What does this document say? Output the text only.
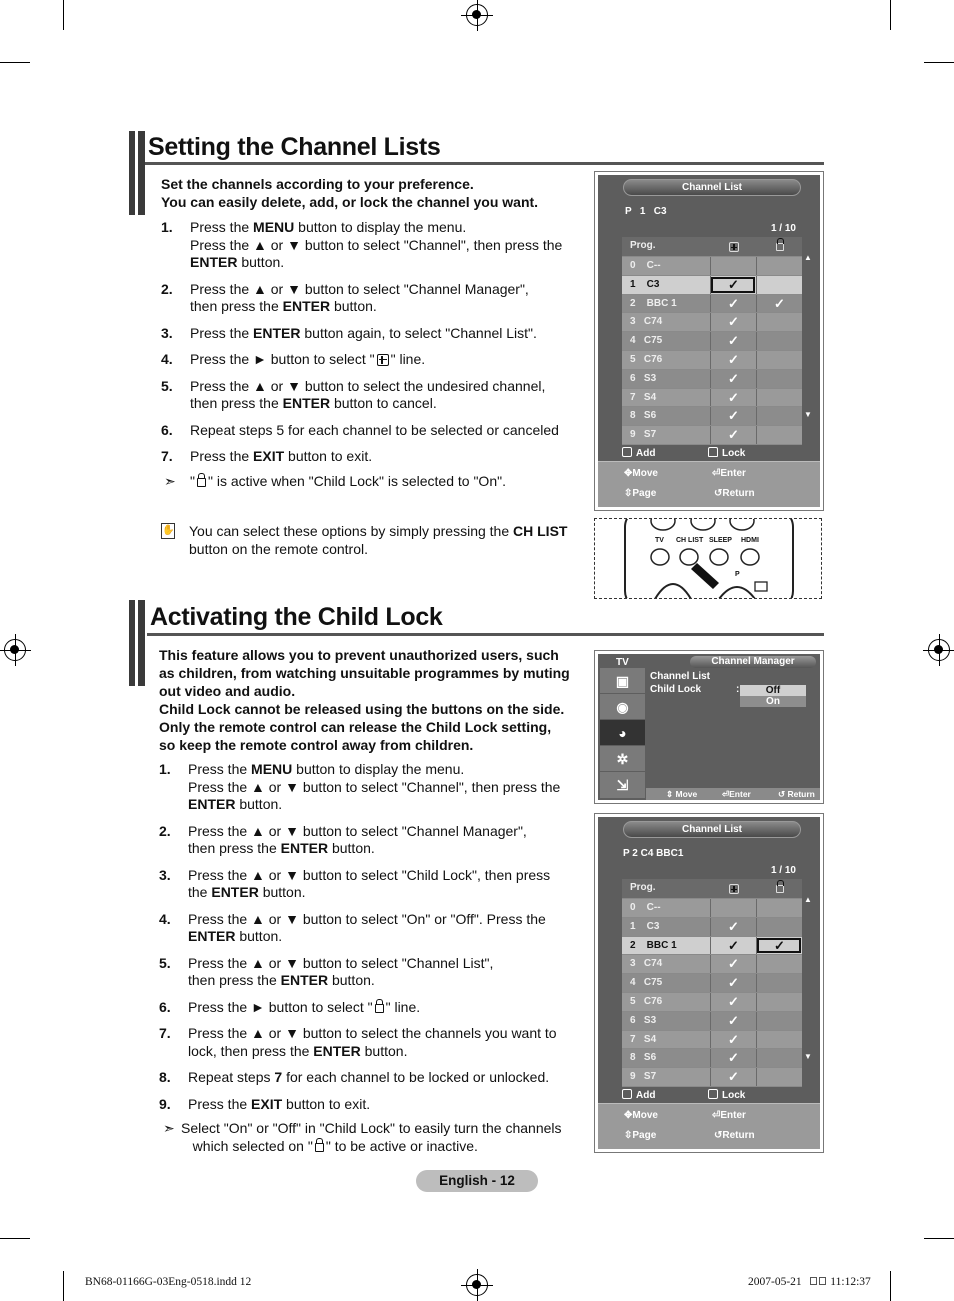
Setting the Channel Lists
Set the channels according to your preference.
You can easily delete, add, or lock the channel you want.
1. Press the MENU button to display the menu.
Press the ▲ or ▼ button to select "Channel", then press the ENTER button.
2. Press the ▲ or ▼ button to select "Channel Manager",
then press the ENTER button.
3. Press the ENTER button again, to select "Channel List".
4. Press the ► button to select " " line.
5. Press the ▲ or ▼ button to select the undesired channel,
then press the ENTER button to cancel.
6. Repeat steps 5 for each channel to be selected or canceled
7. Press the EXIT button to exit.
➣	" " is active when "Child Lock" is selected to "On".
✋	You can select these options by simply pressing the CH LIST
button on the remote control.
Channel List
P   1   C3
1 / 10
Prog.
0    C--
1    C3	✓
2    BBC 1	✓	✓
3   C74	✓
4   C75	✓
5   C76	✓
6   S3	✓
7   S4	✓
8   S6	✓
9   S7	✓
▲
▼
Add	Lock
✥ Move	⏎ Enter
⇳ Page	↺ Return
TV CH LIST SLEEP HDMI
P
Activating the Child Lock
This feature allows you to prevent unauthorized users, such
as children, from watching unsuitable programmes by muting
out video and audio.
Child Lock cannot be released using the buttons on the side.
Only the remote control can release the Child Lock setting,
so keep the remote control away from children.
1. Press the MENU button to display the menu.
Press the ▲ or ▼ button to select "Channel", then press the ENTER button.
2. Press the ▲ or ▼ button to select "Channel Manager",
then press the ENTER button.
3. Press the ▲ or ▼ button to select "Child Lock", then press
the ENTER button.
4. Press the ▲ or ▼ button to select "On" or "Off". Press the
ENTER button.
5. Press the ▲ or ▼ button to select "Channel List",
then press the ENTER button.
6. Press the ► button to select " " line.
7. Press the ▲ or ▼ button to select the channels you want to
lock, then press the ENTER button.
8. Repeat steps 7 for each channel to be locked or unlocked.
9. Press the EXIT button to exit.
➣ Select "On" or "Off" in "Child Lock" to easily turn the channels
which selected on " " to be active or inactive.
TV	Channel Manager
▣
◉
◕
✲
⇲
Channel List
Child Lock	:	Off
On
⇕ Move	⏎Enter	↺ Return
Channel List
P 2 C4 BBC1
1 / 10
Prog.
0    C--
1    C3	✓
2    BBC 1	✓	✓
3   C74	✓
4   C75	✓
5   C76	✓
6   S3	✓
7   S4	✓
8   S6	✓
9   S7	✓
▲
▼
Add	Lock
✥ Move	⏎ Enter
⇳ Page	↺ Return
English - 12
BN68-01166G-03Eng-0518.indd 12	2007-05-21   11:12:37
